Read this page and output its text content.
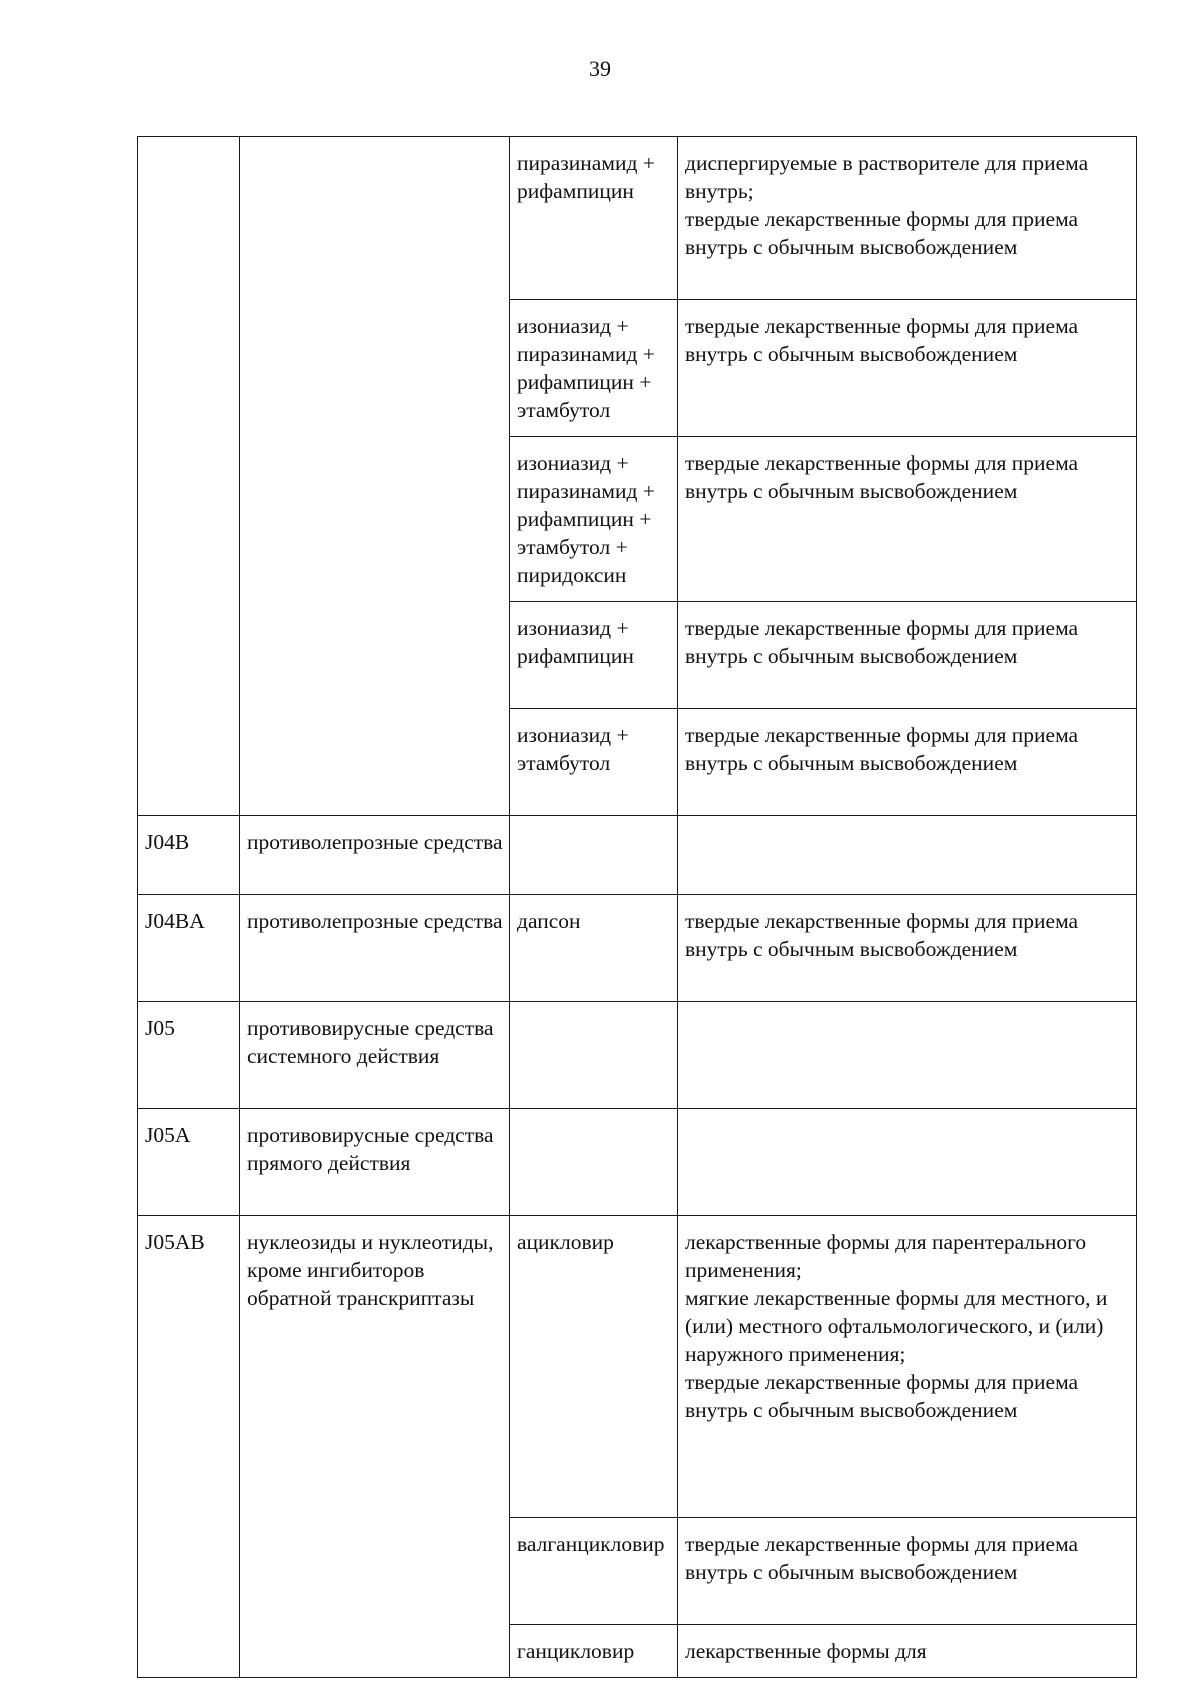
39
		пиразинамид + рифампицин	диспергируемые в растворителе для приема внутрь;
твердые лекарственные формы для приема внутрь с обычным высвобождением

		изониазид + пиразинамид + рифампицин + этамбутол	твердые лекарственные формы для приема внутрь с обычным высвобождением

		изониазид + пиразинамид + рифампицин + этамбутол + пиридоксин	твердые лекарственные формы для приема внутрь с обычным высвобождением

		изониазид + рифампицин	твердые лекарственные формы для приема внутрь с обычным высвобождением

		изониазид + этамбутол	твердые лекарственные формы для приема внутрь с обычным высвобождением

J04B	противолепрозные средства		
J04BA	противолепрозные средства	дапсон	твердые лекарственные формы для приема внутрь с обычным высвобождением

J05	противовирусные средства системного действия		
J05A	противовирусные средства прямого действия		
J05AB	нуклеозиды и нуклеотиды, кроме ингибиторов обратной транскриптазы	ацикловир	лекарственные формы для парентерального применения;
мягкие лекарственные формы для местного, и (или) местного офтальмологического, и (или) наружного применения;
твердые лекарственные формы для приема внутрь с обычным высвобождением

		валганцикловир	твердые лекарственные формы для приема внутрь с обычным высвобождением

		ганцикловир	лекарственные формы для
